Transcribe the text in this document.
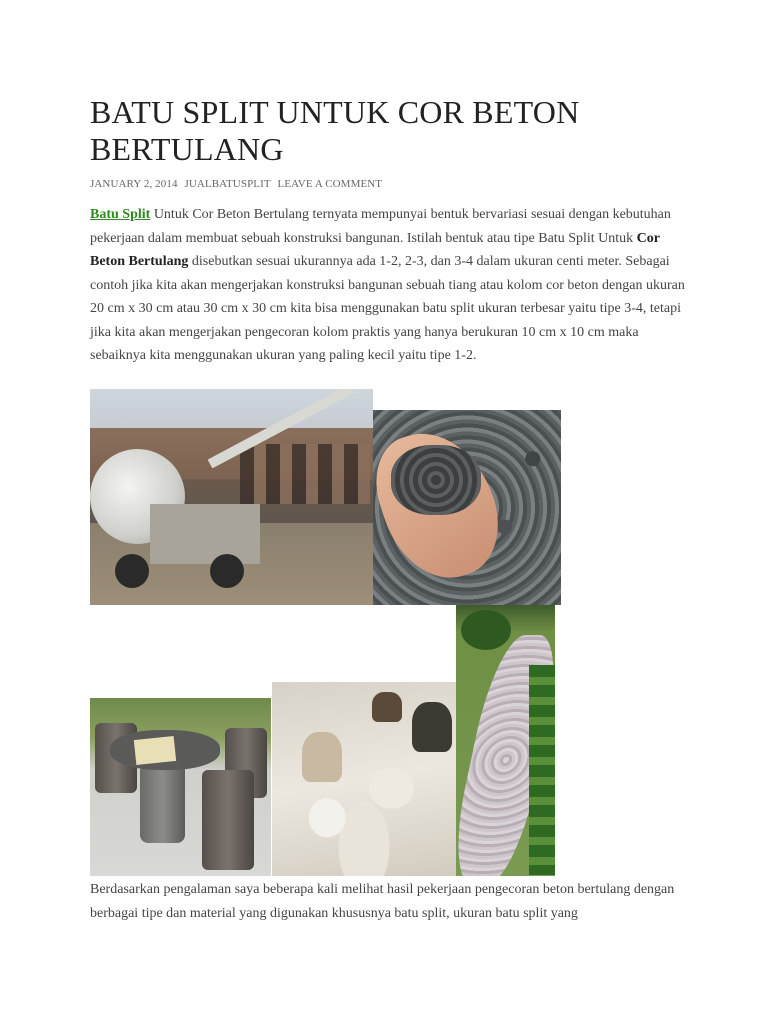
BATU SPLIT UNTUK COR BETON
BERTULANG
JANUARY 2, 2014 JUALBATUSPLIT LEAVE A COMMENT

Batu Split Untuk Cor Beton Bertulang ternyata mempunyai bentuk bervariasi sesuai dengan kebutuhan pekerjaan dalam membuat sebuah konstruksi bangunan. Istilah bentuk atau tipe Batu Split Untuk Cor Beton Bertulang disebutkan sesuai ukurannya ada 1-2, 2-3, dan 3-4 dalam ukuran centi meter. Sebagai contoh jika kita akan mengerjakan konstruksi bangunan sebuah tiang atau kolom cor beton dengan ukuran 20 cm x 30 cm atau 30 cm x 30 cm kita bisa menggunakan batu split ukuran terbesar yaitu tipe 3-4, tetapi jika kita akan mengerjakan pengecoran kolom praktis yang hanya berukuran 10 cm x 10 cm maka sebaiknya kita menggunakan ukuran yang paling kecil yaitu tipe 1-2.

Berdasarkan pengalaman saya beberapa kali melihat hasil pekerjaan pengecoran beton bertulang dengan berbagai tipe dan material yang digunakan khususnya batu split, ukuran batu split yang
